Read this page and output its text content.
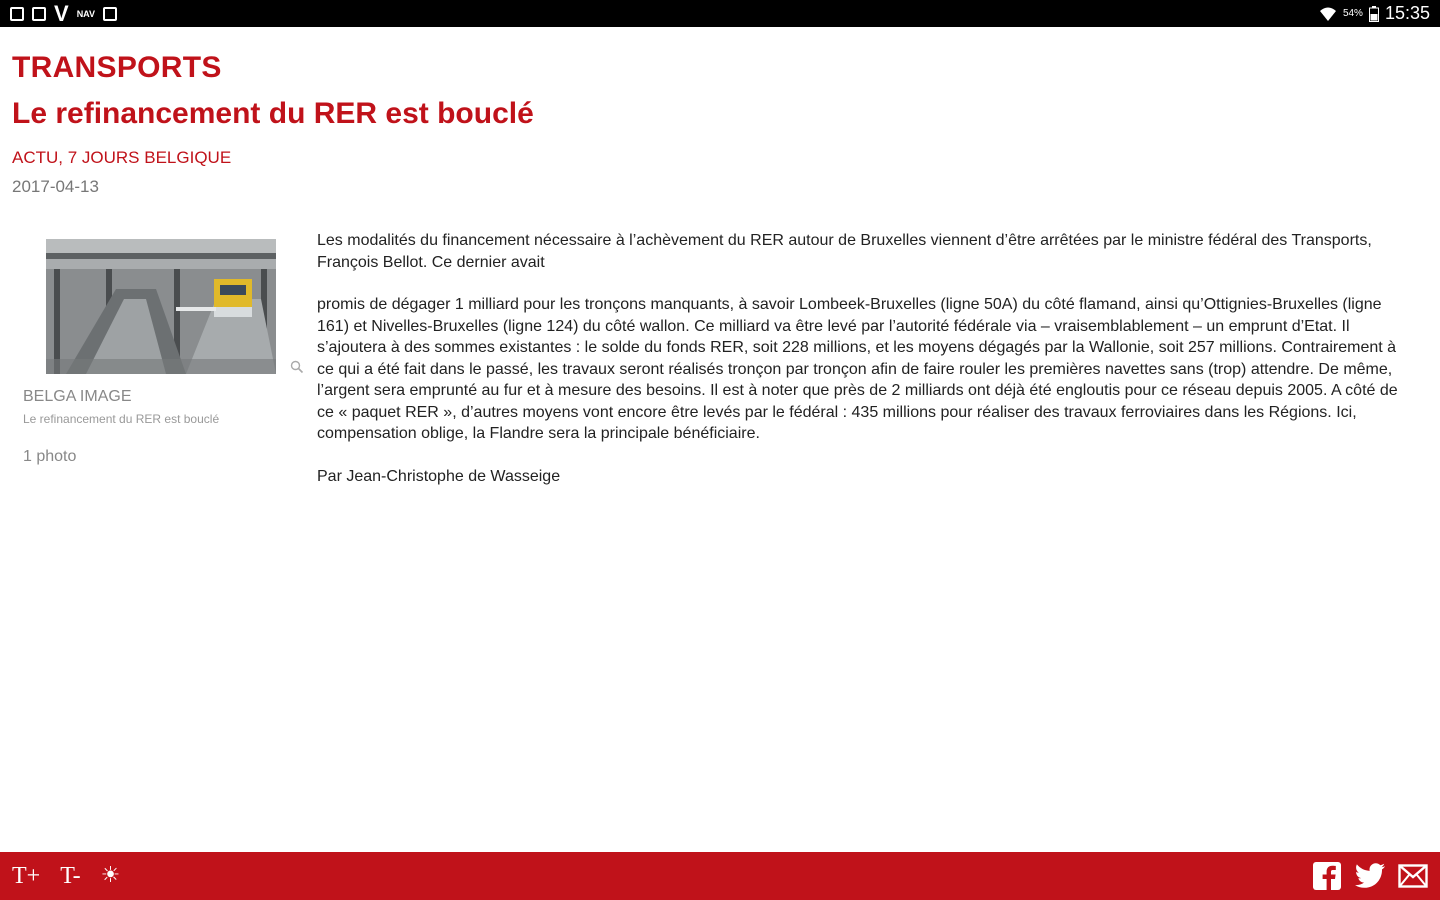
V NAV	54% 15:35
TRANSPORTS
Le refinancement du RER est bouclé
ACTU, 7 JOURS BELGIQUE
2017-04-13
BELGA IMAGE
Le refinancement du RER est bouclé
1 photo

Les modalités du financement nécessaire à l’achèvement du RER autour de Bruxelles viennent d’être arrêtées par le ministre fédéral des Transports, François Bellot. Ce dernier avait

promis de dégager 1 milliard pour les tronçons manquants, à savoir Lombeek-Bruxelles (ligne 50A) du côté flamand, ainsi qu’Ottignies-Bruxelles (ligne 161) et Nivelles-Bruxelles (ligne 124) du côté wallon. Ce milliard va être levé par l’autorité fédérale via – vraisemblablement – un emprunt d’Etat. Il s’ajoutera à des sommes existantes : le solde du fonds RER, soit 228 millions, et les moyens dégagés par la Wallonie, soit 257 millions. Contrairement à ce qui a été fait dans le passé, les travaux seront réalisés tronçon par tronçon afin de faire rouler les premières navettes sans (trop) attendre. De même, l’argent sera emprunté au fur et à mesure des besoins. Il est à noter que près de 2 milliards ont déjà été engloutis pour ce réseau depuis 2005. A côté de ce « paquet RER », d’autres moyens vont encore être levés par le fédéral : 435 millions pour réaliser des travaux ferroviaires dans les Régions. Ici, compensation oblige, la Flandre sera la principale bénéficiaire.

Par Jean-Christophe de Wasseige

T+ T- ☀
